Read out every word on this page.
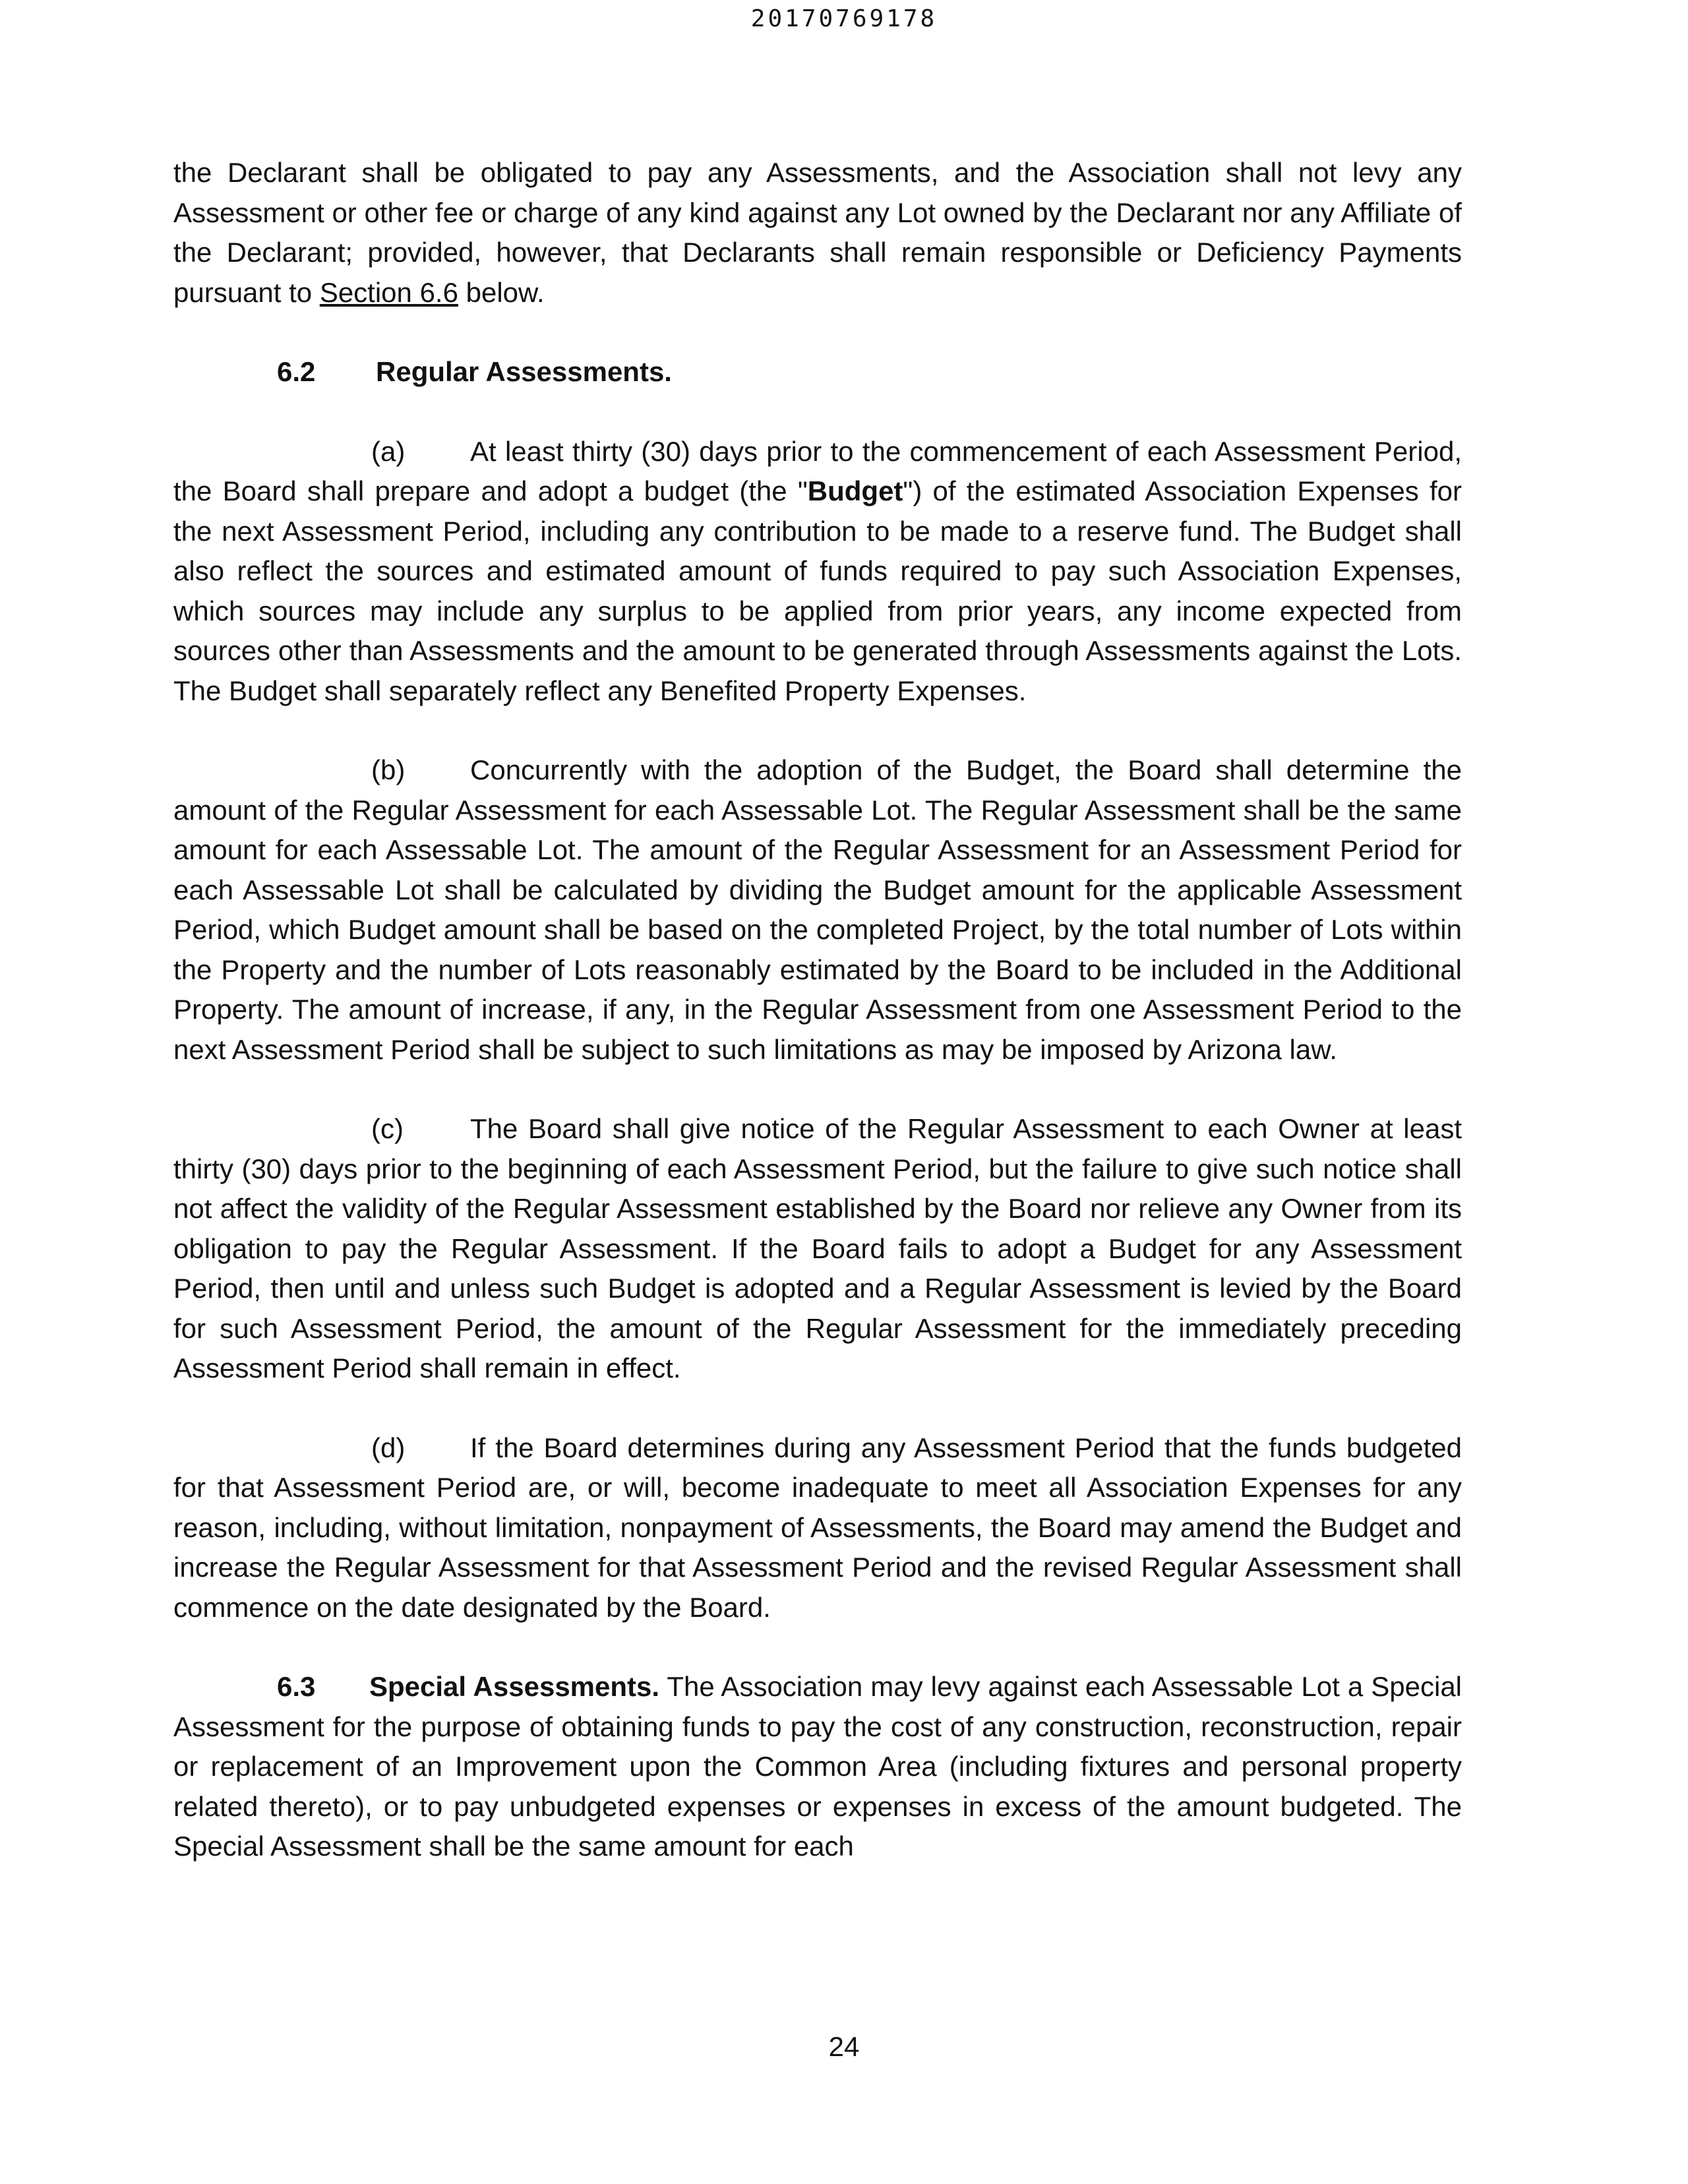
20170769178

the Declarant shall be obligated to pay any Assessments, and the Association shall not levy any Assessment or other fee or charge of any kind against any Lot owned by the Declarant nor any Affiliate of the Declarant; provided, however, that Declarants shall remain responsible or Deficiency Payments pursuant to Section 6.6 below.

6.2 Regular Assessments.

(a) At least thirty (30) days prior to the commencement of each Assessment Period, the Board shall prepare and adopt a budget (the "Budget") of the estimated Association Expenses for the next Assessment Period, including any contribution to be made to a reserve fund. The Budget shall also reflect the sources and estimated amount of funds required to pay such Association Expenses, which sources may include any surplus to be applied from prior years, any income expected from sources other than Assessments and the amount to be generated through Assessments against the Lots. The Budget shall separately reflect any Benefited Property Expenses.

(b) Concurrently with the adoption of the Budget, the Board shall determine the amount of the Regular Assessment for each Assessable Lot. The Regular Assessment shall be the same amount for each Assessable Lot. The amount of the Regular Assessment for an Assessment Period for each Assessable Lot shall be calculated by dividing the Budget amount for the applicable Assessment Period, which Budget amount shall be based on the completed Project, by the total number of Lots within the Property and the number of Lots reasonably estimated by the Board to be included in the Additional Property. The amount of increase, if any, in the Regular Assessment from one Assessment Period to the next Assessment Period shall be subject to such limitations as may be imposed by Arizona law.

(c) The Board shall give notice of the Regular Assessment to each Owner at least thirty (30) days prior to the beginning of each Assessment Period, but the failure to give such notice shall not affect the validity of the Regular Assessment established by the Board nor relieve any Owner from its obligation to pay the Regular Assessment. If the Board fails to adopt a Budget for any Assessment Period, then until and unless such Budget is adopted and a Regular Assessment is levied by the Board for such Assessment Period, the amount of the Regular Assessment for the immediately preceding Assessment Period shall remain in effect.

(d) If the Board determines during any Assessment Period that the funds budgeted for that Assessment Period are, or will, become inadequate to meet all Association Expenses for any reason, including, without limitation, nonpayment of Assessments, the Board may amend the Budget and increase the Regular Assessment for that Assessment Period and the revised Regular Assessment shall commence on the date designated by the Board.

6.3 Special Assessments. The Association may levy against each Assessable Lot a Special Assessment for the purpose of obtaining funds to pay the cost of any construction, reconstruction, repair or replacement of an Improvement upon the Common Area (including fixtures and personal property related thereto), or to pay unbudgeted expenses or expenses in excess of the amount budgeted. The Special Assessment shall be the same amount for each

24
